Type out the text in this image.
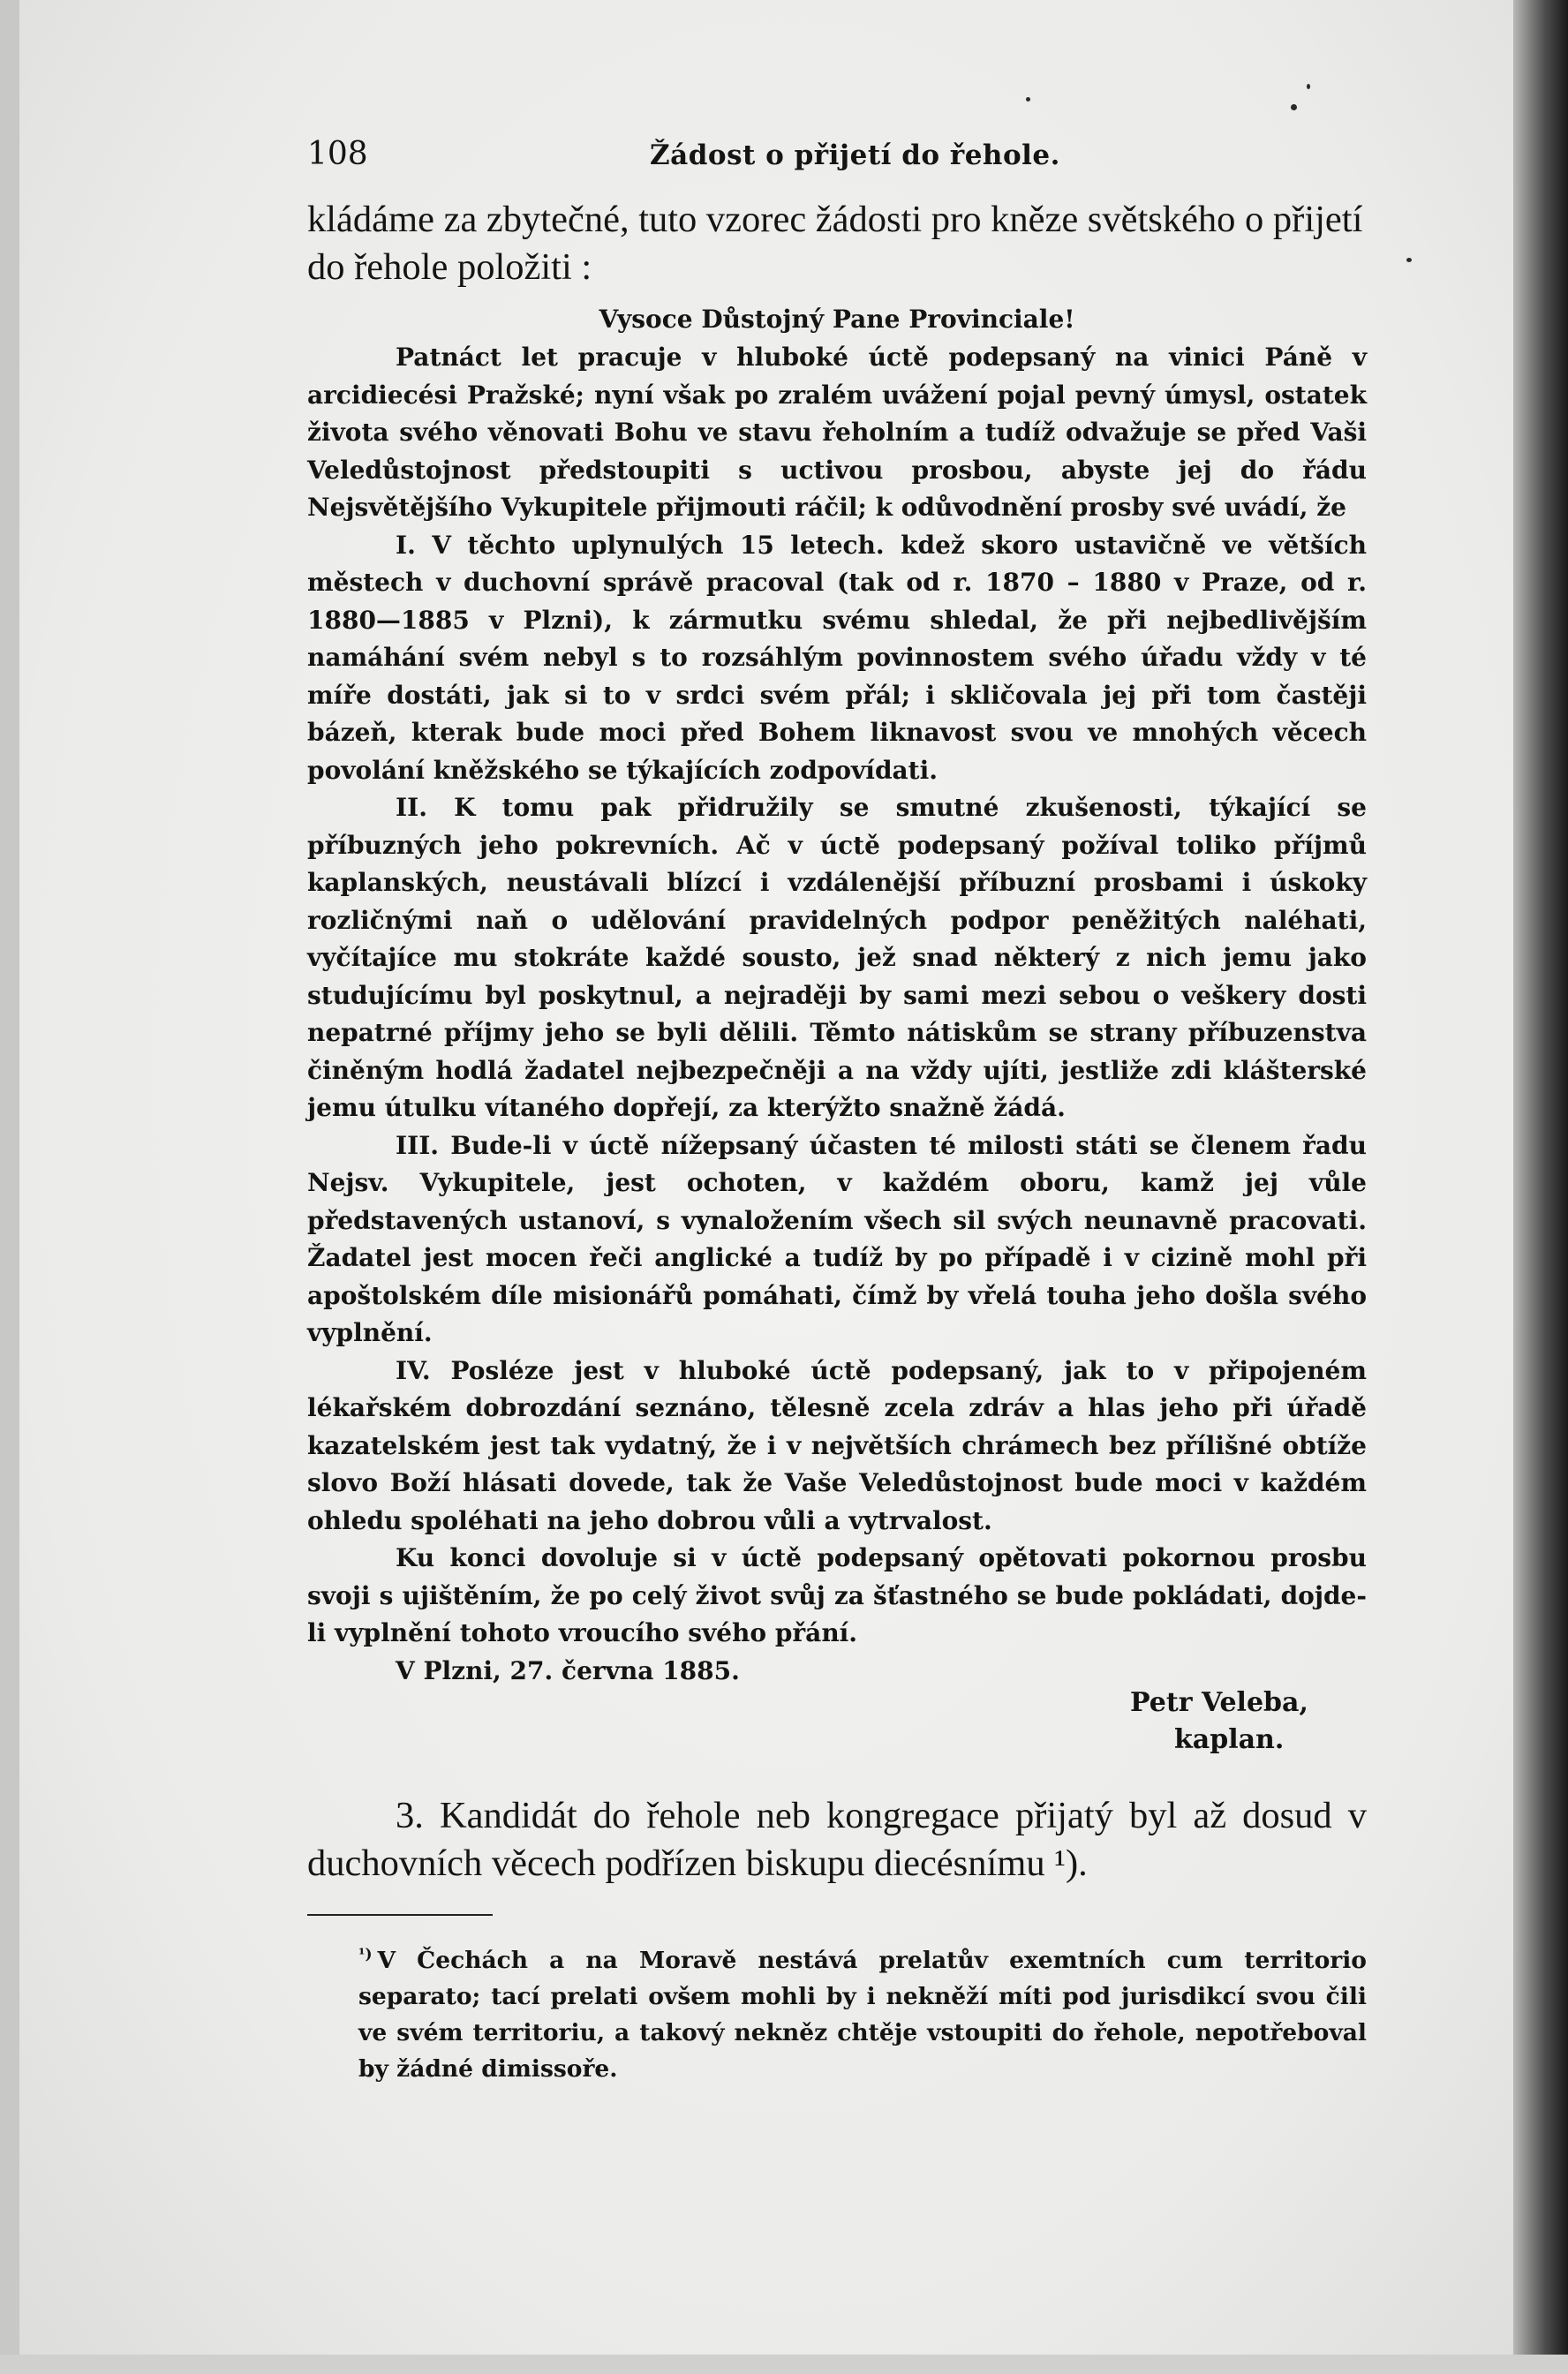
108	Žádost o přijetí do řehole.

kládáme za zbytečné, tuto vzorec žádosti pro kněze světského o přijetí do řehole položiti :

Vysoce Důstojný Pane Provinciale!

Patnáct let pracuje v hluboké úctě podepsaný na vinici Páně v arcidiecési Pražské; nyní však po zralém uvážení pojal pevný úmysl, ostatek života svého věnovati Bohu ve stavu řeholním a tudíž odvažuje se před Vaši Veledůstojnost předstoupiti s uctivou prosbou, abyste jej do řádu Nejsvětějšího Vykupitele přijmouti ráčil; k odůvodnění prosby své uvádí, že

I. V těchto uplynulých 15 letech. kdež skoro ustavičně ve větších městech v duchovní správě pracoval (tak od r. 1870 – 1880 v Praze, od r. 1880—1885 v Plzni), k zármutku svému shledal, že při nejbedlivějším namáhání svém nebyl s to rozsáhlým povinnostem svého úřadu vždy v té míře dostáti, jak si to v srdci svém přál; i skličovala jej při tom častěji bázeň, kterak bude moci před Bohem liknavost svou ve mnohých věcech povolání kněžského se týkajících zodpovídati.

II. K tomu pak přidružily se smutné zkušenosti, týkající se příbuzných jeho pokrevních. Ač v úctě podepsaný požíval toliko příjmů kaplanských, neustávali blízcí i vzdálenější příbuzní prosbami i úskoky rozličnými naň o udělování pravidelných podpor peněžitých naléhati, vyčítajíce mu stokráte každé sousto, jež snad některý z nich jemu jako studujícímu byl poskytnul, a nejraději by sami mezi sebou o veškery dosti nepatrné příjmy jeho se byli dělili. Těmto nátiskům se strany příbuzenstva činěným hodlá žadatel nejbezpečněji a na vždy ujíti, jestliže zdi klášterské jemu útulku vítaného dopřejí, za kterýžto snažně žádá.

III. Bude-li v úctě nížepsaný účasten té milosti státi se členem řadu Nejsv. Vykupitele, jest ochoten, v každém oboru, kamž jej vůle představených ustanoví, s vynaložením všech sil svých neunavně pracovati. Žadatel jest mocen řeči anglické a tudíž by po případě i v cizině mohl při apoštolském díle misionářů pomáhati, čímž by vřelá touha jeho došla svého vyplnění.

IV. Posléze jest v hluboké úctě podepsaný, jak to v připojeném lékařském dobrozdání seznáno, tělesně zcela zdráv a hlas jeho při úřadě kazatelském jest tak vydatný, že i v největších chrámech bez přílišné obtíže slovo Boží hlásati dovede, tak že Vaše Veledůstojnost bude moci v každém ohledu spoléhati na jeho dobrou vůli a vytrvalost.

Ku konci dovoluje si v úctě podepsaný opětovati pokornou prosbu svoji s ujištěním, že po celý život svůj za šťastného se bude pokládati, dojde-li vyplnění tohoto vroucího svého přání.

V Plzni, 27. června 1885.

Petr Veleba,
kaplan.

3. Kandidát do řehole neb kongregace přijatý byl až dosud v duchovních věcech podřízen biskupu diecésnímu ¹).

$^{^1)}$ V Čechách a na Moravě nestává prelatův exemtních cum territorio separato; tací prelati ovšem mohli by i nekněží míti pod jurisdikcí svou čili ve svém territoriu, a takový nekněz chtěje vstoupiti do řehole, nepotřeboval by žádné dimissoře.
